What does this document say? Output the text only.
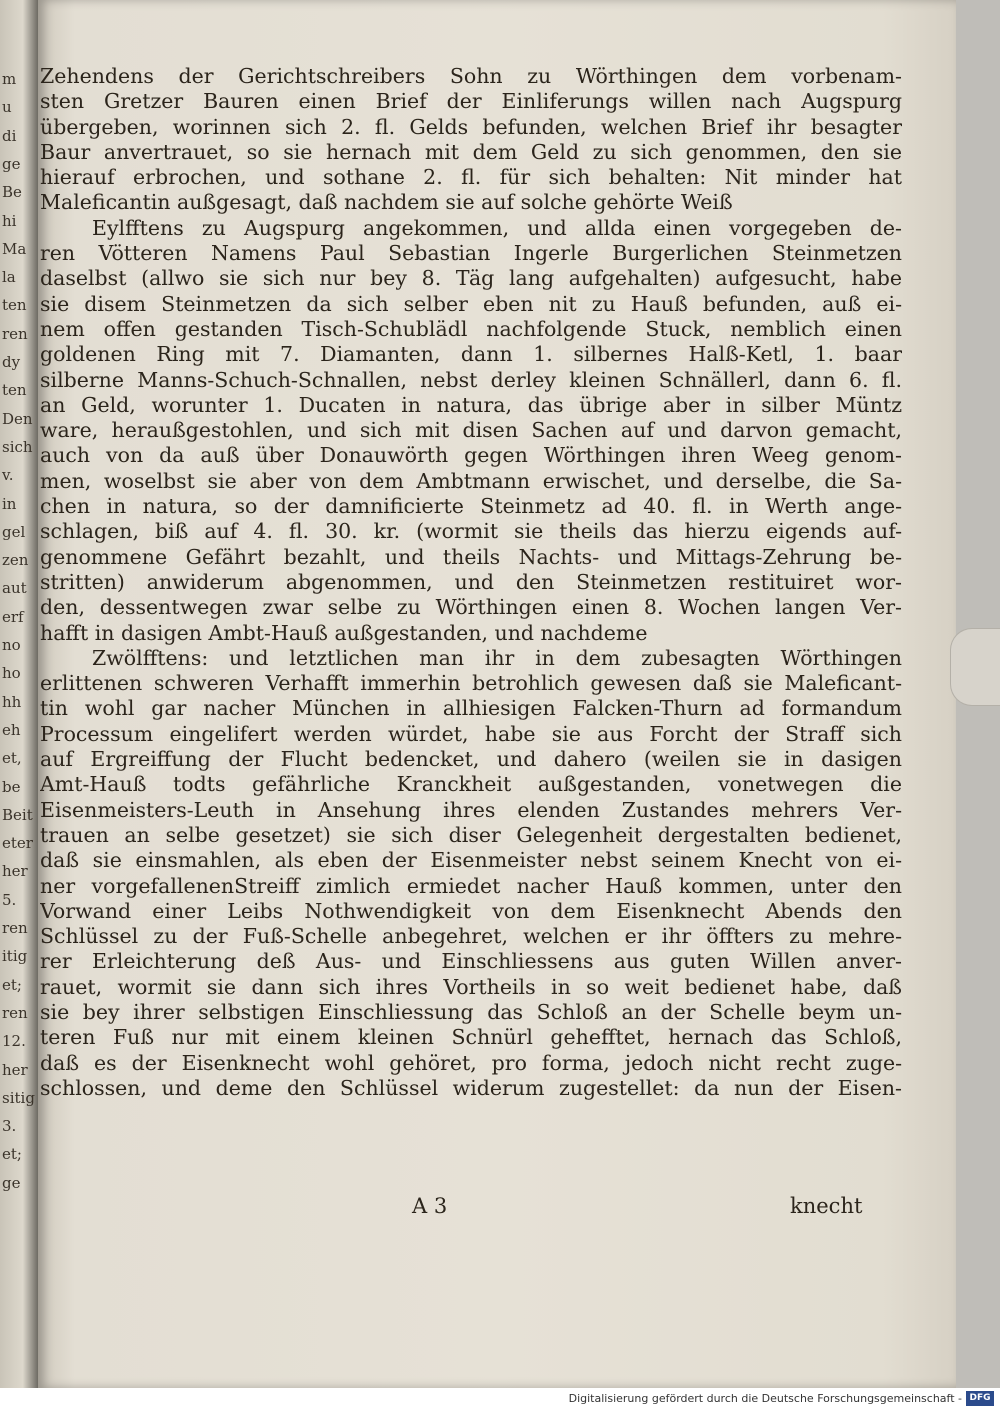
m
u
di
ge
Be
hi
Ma
la
ten
ren
dy
ten
Den
sich
v.
in
gel
zen
aut
erf
no
ho
hh
eh
et,
be
Beit
eter
her
5.
ren
itig
et;
ren
12.
her
sitig
3.
et;
ge
Zehendens der Gerichtschreibers Sohn zu Wörthingen dem vorbenam-
sten Gretzer Bauren einen Brief der Einliferungs willen nach Augspurg
übergeben, worinnen sich 2. fl. Gelds befunden, welchen Brief ihr besagter
Baur anvertrauet, so sie hernach mit dem Geld zu sich genommen, den sie
hierauf erbrochen, und sothane 2. fl. für sich behalten: Nit minder hat
Maleficantin außgesagt, daß nachdem sie auf solche gehörte Weiß
Eylfftens zu Augspurg angekommen, und allda einen vorgegeben de-
ren Vötteren Namens Paul Sebastian Ingerle Burgerlichen Steinmetzen
daselbst (allwo sie sich nur bey 8. Täg lang aufgehalten) aufgesucht, habe
sie disem Steinmetzen da sich selber eben nit zu Hauß befunden, auß ei-
nem offen gestanden Tisch-Schublädl nachfolgende Stuck, nemblich einen
goldenen Ring mit 7. Diamanten, dann 1. silbernes Halß-Ketl, 1. baar
silberne Manns-Schuch-Schnallen, nebst derley kleinen Schnällerl, dann 6. fl.
an Geld, worunter 1. Ducaten in natura, das übrige aber in silber Müntz
ware, heraußgestohlen, und sich mit disen Sachen auf und darvon gemacht,
auch von da auß über Donauwörth gegen Wörthingen ihren Weeg genom-
men, woselbst sie aber von dem Ambtmann erwischet, und derselbe, die Sa-
chen in natura, so der damnificierte Steinmetz ad 40. fl. in Werth ange-
schlagen, biß auf 4. fl. 30. kr. (wormit sie theils das hierzu eigends auf-
genommene Gefährt bezahlt, und theils Nachts- und Mittags-Zehrung be-
stritten) anwiderum abgenommen, und den Steinmetzen restituiret wor-
den, dessentwegen zwar selbe zu Wörthingen einen 8. Wochen langen Ver-
hafft in dasigen Ambt-Hauß außgestanden, und nachdeme
Zwölfftens: und letztlichen man ihr in dem zubesagten Wörthingen
erlittenen schweren Verhafft immerhin betrohlich gewesen daß sie Maleficant-
tin wohl gar nacher München in allhiesigen Falcken-Thurn ad formandum
Processum eingelifert werden würdet, habe sie aus Forcht der Straff sich
auf Ergreiffung der Flucht bedencket, und dahero (weilen sie in dasigen
Amt-Hauß todts gefährliche Kranckheit außgestanden, vonetwegen die
Eisenmeisters-Leuth in Ansehung ihres elenden Zustandes mehrers Ver-
trauen an selbe gesetzet) sie sich diser Gelegenheit dergestalten bedienet,
daß sie einsmahlen, als eben der Eisenmeister nebst seinem Knecht von ei-
ner vorgefallenenStreiff zimlich ermiedet nacher Hauß kommen, unter den
Vorwand einer Leibs Nothwendigkeit von dem Eisenknecht Abends den
Schlüssel zu der Fuß-Schelle anbegehret, welchen er ihr öffters zu mehre-
rer Erleichterung deß Aus- und Einschliessens aus guten Willen anver-
rauet, wormit sie dann sich ihres Vortheils in so weit bedienet habe, daß
sie bey ihrer selbstigen Einschliessung das Schloß an der Schelle beym un-
teren Fuß nur mit einem kleinen Schnürl gehefftet, hernach das Schloß,
daß es der Eisenknecht wohl gehöret, pro forma, jedoch nicht recht zuge-
schlossen, und deme den Schlüssel widerum zugestellet: da nun der Eisen-
A 3	knecht
Digitalisierung gefördert durch die Deutsche Forschungsgemeinschaft - DFG
